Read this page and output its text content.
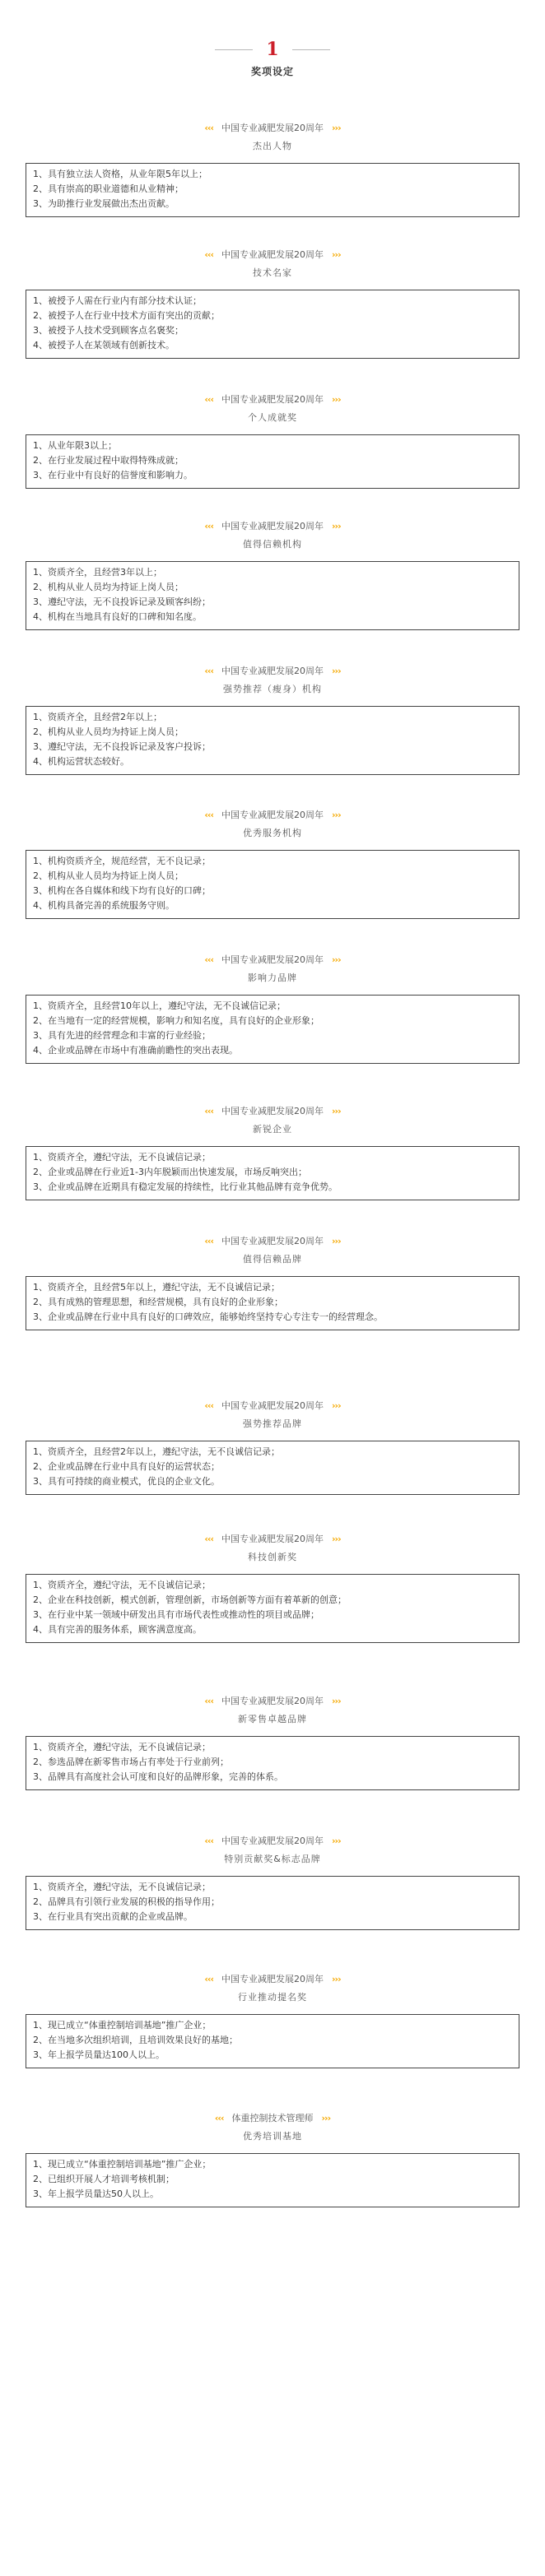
1
奖项设定
‹‹‹ 中国专业减肥发展20周年 ›››
杰出人物
1、具有独立法人资格，从业年限5年以上；
2、具有崇高的职业道德和从业精神；
3、为助推行业发展做出杰出贡献。
‹‹‹ 中国专业减肥发展20周年 ›››
技术名家
1、被授予人需在行业内有部分技术认证；
2、被授予人在行业中技术方面有突出的贡献；
3、被授予人技术受到顾客点名褒奖；
4、被授予人在某领域有创新技术。
‹‹‹ 中国专业减肥发展20周年 ›››
个人成就奖
1、从业年限3以上；
2、在行业发展过程中取得特殊成就；
3、在行业中有良好的信誉度和影响力。
‹‹‹ 中国专业减肥发展20周年 ›››
值得信赖机构
1、资质齐全，且经营3年以上；
2、机构从业人员均为持证上岗人员；
3、遵纪守法，无不良投诉记录及顾客纠纷；
4、机构在当地具有良好的口碑和知名度。
‹‹‹ 中国专业减肥发展20周年 ›››
强势推荐（瘦身）机构
1、资质齐全，且经营2年以上；
2、机构从业人员均为持证上岗人员；
3、遵纪守法，无不良投诉记录及客户投诉；
4、机构运营状态较好。
‹‹‹ 中国专业减肥发展20周年 ›››
优秀服务机构
1、机构资质齐全，规范经营，无不良记录；
2、机构从业人员均为持证上岗人员；
3、机构在各自媒体和线下均有良好的口碑；
4、机构具备完善的系统服务守则。
‹‹‹ 中国专业减肥发展20周年 ›››
影响力品牌
1、资质齐全，且经营10年以上，遵纪守法，无不良诚信记录；
2、在当地有一定的经营规模，影响力和知名度，具有良好的企业形象；
3、具有先进的经营理念和丰富的行业经验；
4、企业或品牌在市场中有准确前瞻性的突出表现。
‹‹‹ 中国专业减肥发展20周年 ›››
新锐企业
1、资质齐全，遵纪守法，无不良诚信记录；
2、企业或品牌在行业近1-3内年脱颖而出快速发展，市场反响突出；
3、企业或品牌在近期具有稳定发展的持续性，比行业其他品牌有竞争优势。
‹‹‹ 中国专业减肥发展20周年 ›››
值得信赖品牌
1、资质齐全，且经营5年以上，遵纪守法，无不良诚信记录；
2、具有成熟的管理思想，和经营规模，具有良好的企业形象；
3、企业或品牌在行业中具有良好的口碑效应，能够始终坚持专心专注专一的经营理念。
‹‹‹ 中国专业减肥发展20周年 ›››
强势推荐品牌
1、资质齐全，且经营2年以上，遵纪守法，无不良诚信记录；
2、企业或品牌在行业中具有良好的运营状态；
3、具有可持续的商业模式，优良的企业文化。
‹‹‹ 中国专业减肥发展20周年 ›››
科技创新奖
1、资质齐全，遵纪守法，无不良诚信记录；
2、企业在科技创新，模式创新，管理创新，市场创新等方面有着革新的创意；
3、在行业中某一领域中研发出具有市场代表性或推动性的项目或品牌；
4、具有完善的服务体系，顾客满意度高。
‹‹‹ 中国专业减肥发展20周年 ›››
新零售卓越品牌
1、资质齐全，遵纪守法，无不良诚信记录；
2、参选品牌在新零售市场占有率处于行业前列；
3、品牌具有高度社会认可度和良好的品牌形象，完善的体系。
‹‹‹ 中国专业减肥发展20周年 ›››
特别贡献奖&标志品牌
1、资质齐全，遵纪守法，无不良诚信记录；
2、品牌具有引领行业发展的积极的指导作用；
3、在行业具有突出贡献的企业或品牌。
‹‹‹ 中国专业减肥发展20周年 ›››
行业推动提名奖
1、现已成立“体重控制培训基地”推广企业；
2、在当地多次组织培训，且培训效果良好的基地；
3、年上报学员量达100人以上。
‹‹‹ 体重控制技术管理师 ›››
优秀培训基地
1、现已成立“体重控制培训基地”推广企业；
2、已组织开展人才培训考核机制；
3、年上报学员量达50人以上。
